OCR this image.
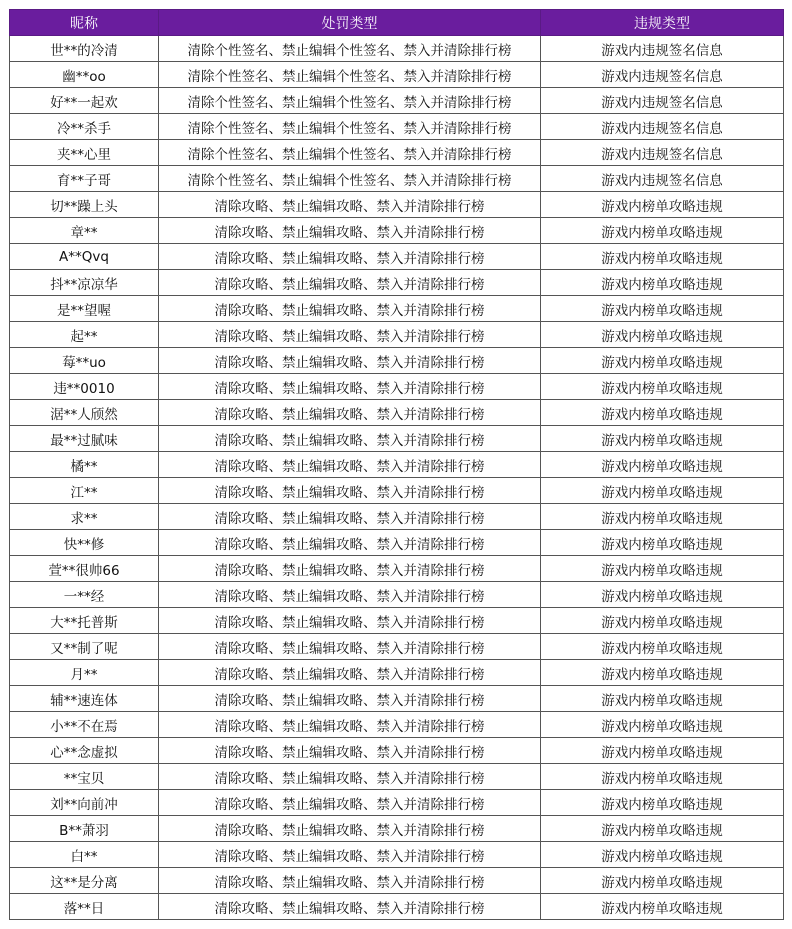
昵称	处罚类型	违规类型
世**的冷清	清除个性签名、禁止编辑个性签名、禁入并清除排行榜	游戏内违规签名信息
幽**oo	清除个性签名、禁止编辑个性签名、禁入并清除排行榜	游戏内违规签名信息
好**一起欢	清除个性签名、禁止编辑个性签名、禁入并清除排行榜	游戏内违规签名信息
冷**杀手	清除个性签名、禁止编辑个性签名、禁入并清除排行榜	游戏内违规签名信息
夹**心里	清除个性签名、禁止编辑个性签名、禁入并清除排行榜	游戏内违规签名信息
育**子哥	清除个性签名、禁止编辑个性签名、禁入并清除排行榜	游戏内违规签名信息
切**躁上头	清除攻略、禁止编辑攻略、禁入并清除排行榜	游戏内榜单攻略违规
章**	清除攻略、禁止编辑攻略、禁入并清除排行榜	游戏内榜单攻略违规
A**Qvq	清除攻略、禁止编辑攻略、禁入并清除排行榜	游戏内榜单攻略违规
抖**凉凉华	清除攻略、禁止编辑攻略、禁入并清除排行榜	游戏内榜单攻略违规
是**望喔	清除攻略、禁止编辑攻略、禁入并清除排行榜	游戏内榜单攻略违规
起**	清除攻略、禁止编辑攻略、禁入并清除排行榜	游戏内榜单攻略违规
莓**uo	清除攻略、禁止编辑攻略、禁入并清除排行榜	游戏内榜单攻略违规
违**0010	清除攻略、禁止编辑攻略、禁入并清除排行榜	游戏内榜单攻略违规
涺**人颀然	清除攻略、禁止编辑攻略、禁入并清除排行榜	游戏内榜单攻略违规
最**过腻味	清除攻略、禁止编辑攻略、禁入并清除排行榜	游戏内榜单攻略违规
橘**	清除攻略、禁止编辑攻略、禁入并清除排行榜	游戏内榜单攻略违规
江**	清除攻略、禁止编辑攻略、禁入并清除排行榜	游戏内榜单攻略违规
求**	清除攻略、禁止编辑攻略、禁入并清除排行榜	游戏内榜单攻略违规
快**修	清除攻略、禁止编辑攻略、禁入并清除排行榜	游戏内榜单攻略违规
萱**很帅66	清除攻略、禁止编辑攻略、禁入并清除排行榜	游戏内榜单攻略违规
一**经	清除攻略、禁止编辑攻略、禁入并清除排行榜	游戏内榜单攻略违规
大**托普斯	清除攻略、禁止编辑攻略、禁入并清除排行榜	游戏内榜单攻略违规
又**制了呢	清除攻略、禁止编辑攻略、禁入并清除排行榜	游戏内榜单攻略违规
月**	清除攻略、禁止编辑攻略、禁入并清除排行榜	游戏内榜单攻略违规
辅**速连体	清除攻略、禁止编辑攻略、禁入并清除排行榜	游戏内榜单攻略违规
小**不在焉	清除攻略、禁止编辑攻略、禁入并清除排行榜	游戏内榜单攻略违规
心**念虚拟	清除攻略、禁止编辑攻略、禁入并清除排行榜	游戏内榜单攻略违规
**宝贝	清除攻略、禁止编辑攻略、禁入并清除排行榜	游戏内榜单攻略违规
刘**向前冲	清除攻略、禁止编辑攻略、禁入并清除排行榜	游戏内榜单攻略违规
B**萧羽	清除攻略、禁止编辑攻略、禁入并清除排行榜	游戏内榜单攻略违规
白**	清除攻略、禁止编辑攻略、禁入并清除排行榜	游戏内榜单攻略违规
这**是分离	清除攻略、禁止编辑攻略、禁入并清除排行榜	游戏内榜单攻略违规
落**日	清除攻略、禁止编辑攻略、禁入并清除排行榜	游戏内榜单攻略违规
